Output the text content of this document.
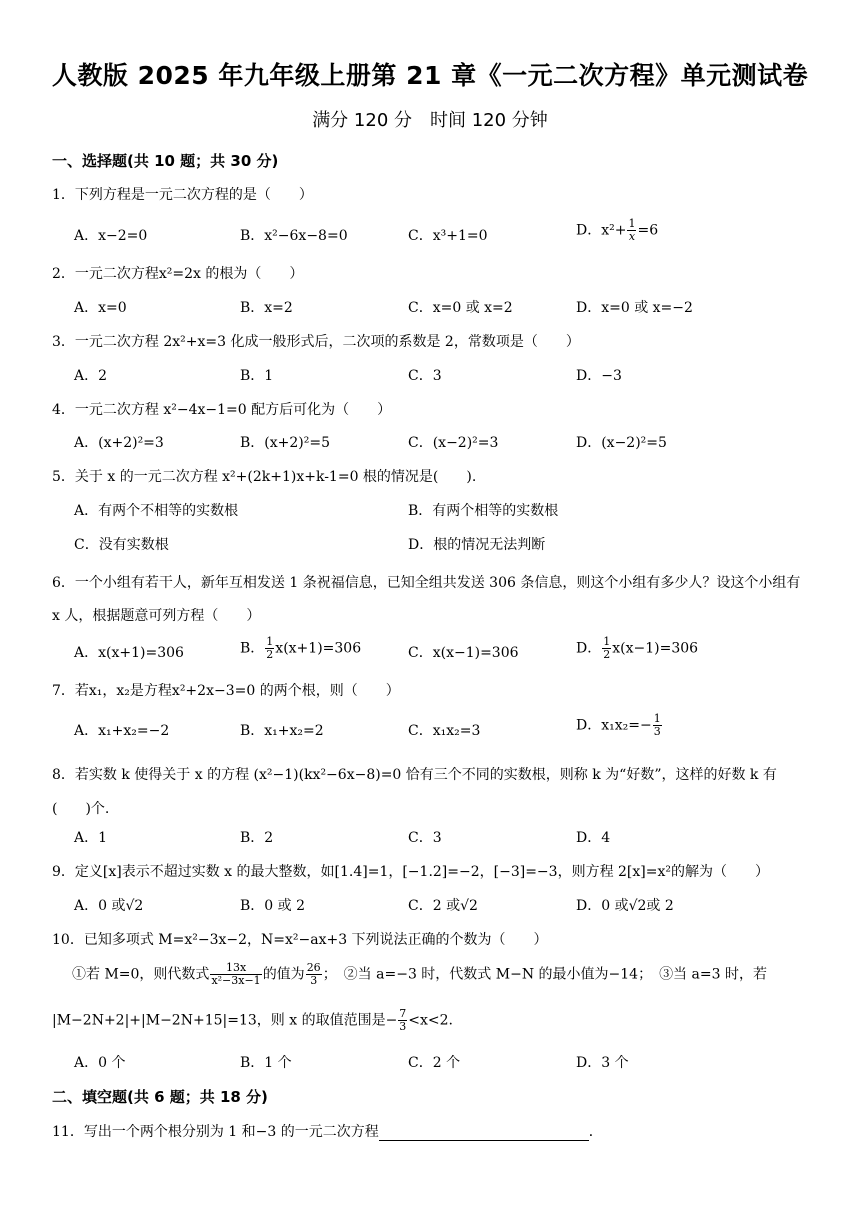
人教版 2025 年九年级上册第 21 章《一元二次方程》单元测试卷
满分 120 分　时间 120 分钟
一、选择题(共 10 题；共 30 分)
1．下列方程是一元二次方程的是（　　）
A．x−2=0	B．x²−6x−8=0	C．x³+1=0	D．$x^2+ \frac{1}{x} =6$
2．一元二次方程x²=2x 的根为（　　）
A．x=0	B．x=2	C．x=0 或 x=2	D．x=0 或 x=−2
3．一元二次方程 2x²+x=3 化成一般形式后，二次项的系数是 2，常数项是（　　）
A．2	B．1	C．3	D．−3
4．一元二次方程 x²−4x−1=0 配方后可化为（　　）
A．(x+2)²=3	B．(x+2)²=5	C．(x−2)²=3	D．(x−2)²=5
5．关于 x 的一元二次方程 x²+(2k+1)x+k-1=0 根的情况是(　　).
A．有两个不相等的实数根	B．有两个相等的实数根
C．没有实数根	D．根的情况无法判断
6．一个小组有若干人，新年互相发送 1 条祝福信息，已知全组共发送 306 条信息，则这个小组有多少人？设这个小组有 x 人，根据题意可列方程（　　）
A．x(x+1)=306	B． $\frac{1}{2} x(x+1)=306$	C．x(x−1)=306	D． $\frac{1}{2} x(x-1)=306$
7．若x₁，x₂是方程x²+2x−3=0 的两个根，则（　　）
A．x₁+x₂=−2	B．x₁+x₂=2	C．x₁x₂=3	D．$x_1x_2=- \frac{1}{3}$
8．若实数 k 使得关于 x 的方程 (x²−1)(kx²−6x−8)=0 恰有三个不同的实数根，则称 k 为“好数”，这样的好数 k 有(　　)个.
A．1	B．2	C．3	D．4
9．定义[x]表示不超过实数 x 的最大整数，如[1.4]=1，[−1.2]=−2，[−3]=−3，则方程 2[x]=x²的解为（　　）
A．0 或√2	B．0 或 2	C．2 或√2	D．0 或√2或 2
10．已知多项式 M=x²−3x−2，N=x²−ax+3 下列说法正确的个数为（　　）
①若 M=0，则代数式 $\frac{13x}{\text{x²−3x−1}}$ 的值为 $\frac{26}{3}$ ；　②当 a=−3 时，代数式 M−N 的最小值为−14；　③当 a=3 时，若
|M−2N+2|+|M−2N+15|=13，则 x 的取值范围是− $\frac{7}{3} <x<2$.
A．0 个	B．1 个	C．2 个	D．3 个
二、填空题(共 6 题；共 18 分)
11．写出一个两个根分别为 1 和−3 的一元二次方程	．
